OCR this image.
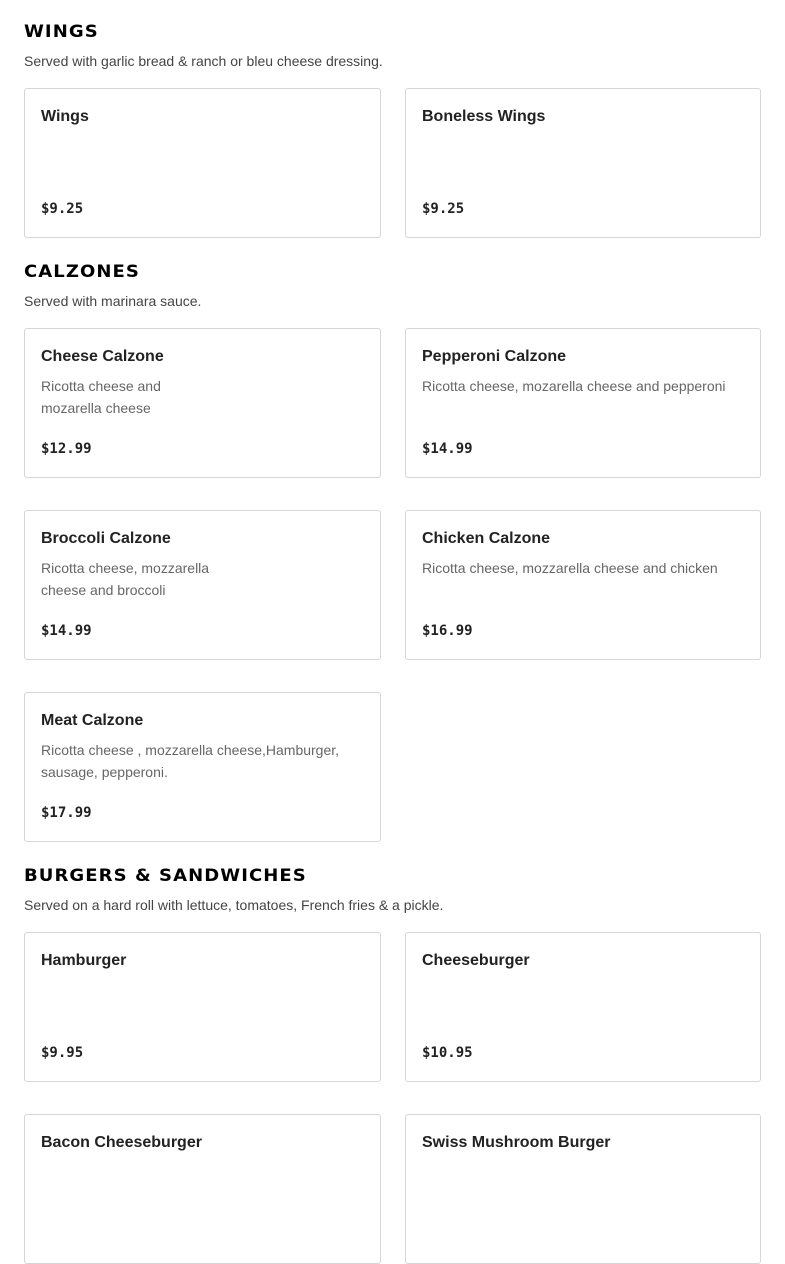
WINGS

Served with garlic bread & ranch or bleu cheese dressing.

Wings
$9.25
Boneless Wings
$9.25
CALZONES

Served with marinara sauce.

Cheese Calzone
Ricotta cheese and mozarella cheese
$12.99
Pepperoni Calzone
Ricotta cheese, mozarella cheese and pepperoni
$14.99
Broccoli Calzone
Ricotta cheese, mozzarella cheese and broccoli
$14.99
Chicken Calzone
Ricotta cheese, mozzarella cheese and chicken
$16.99
Meat Calzone
Ricotta cheese , mozzarella cheese,Hamburger, sausage, pepperoni.
$17.99
BURGERS & SANDWICHES

Served on a hard roll with lettuce, tomatoes, French fries & a pickle.

Hamburger
$9.95
Cheeseburger
$10.95
Bacon Cheeseburger	Swiss Mushroom Burger
